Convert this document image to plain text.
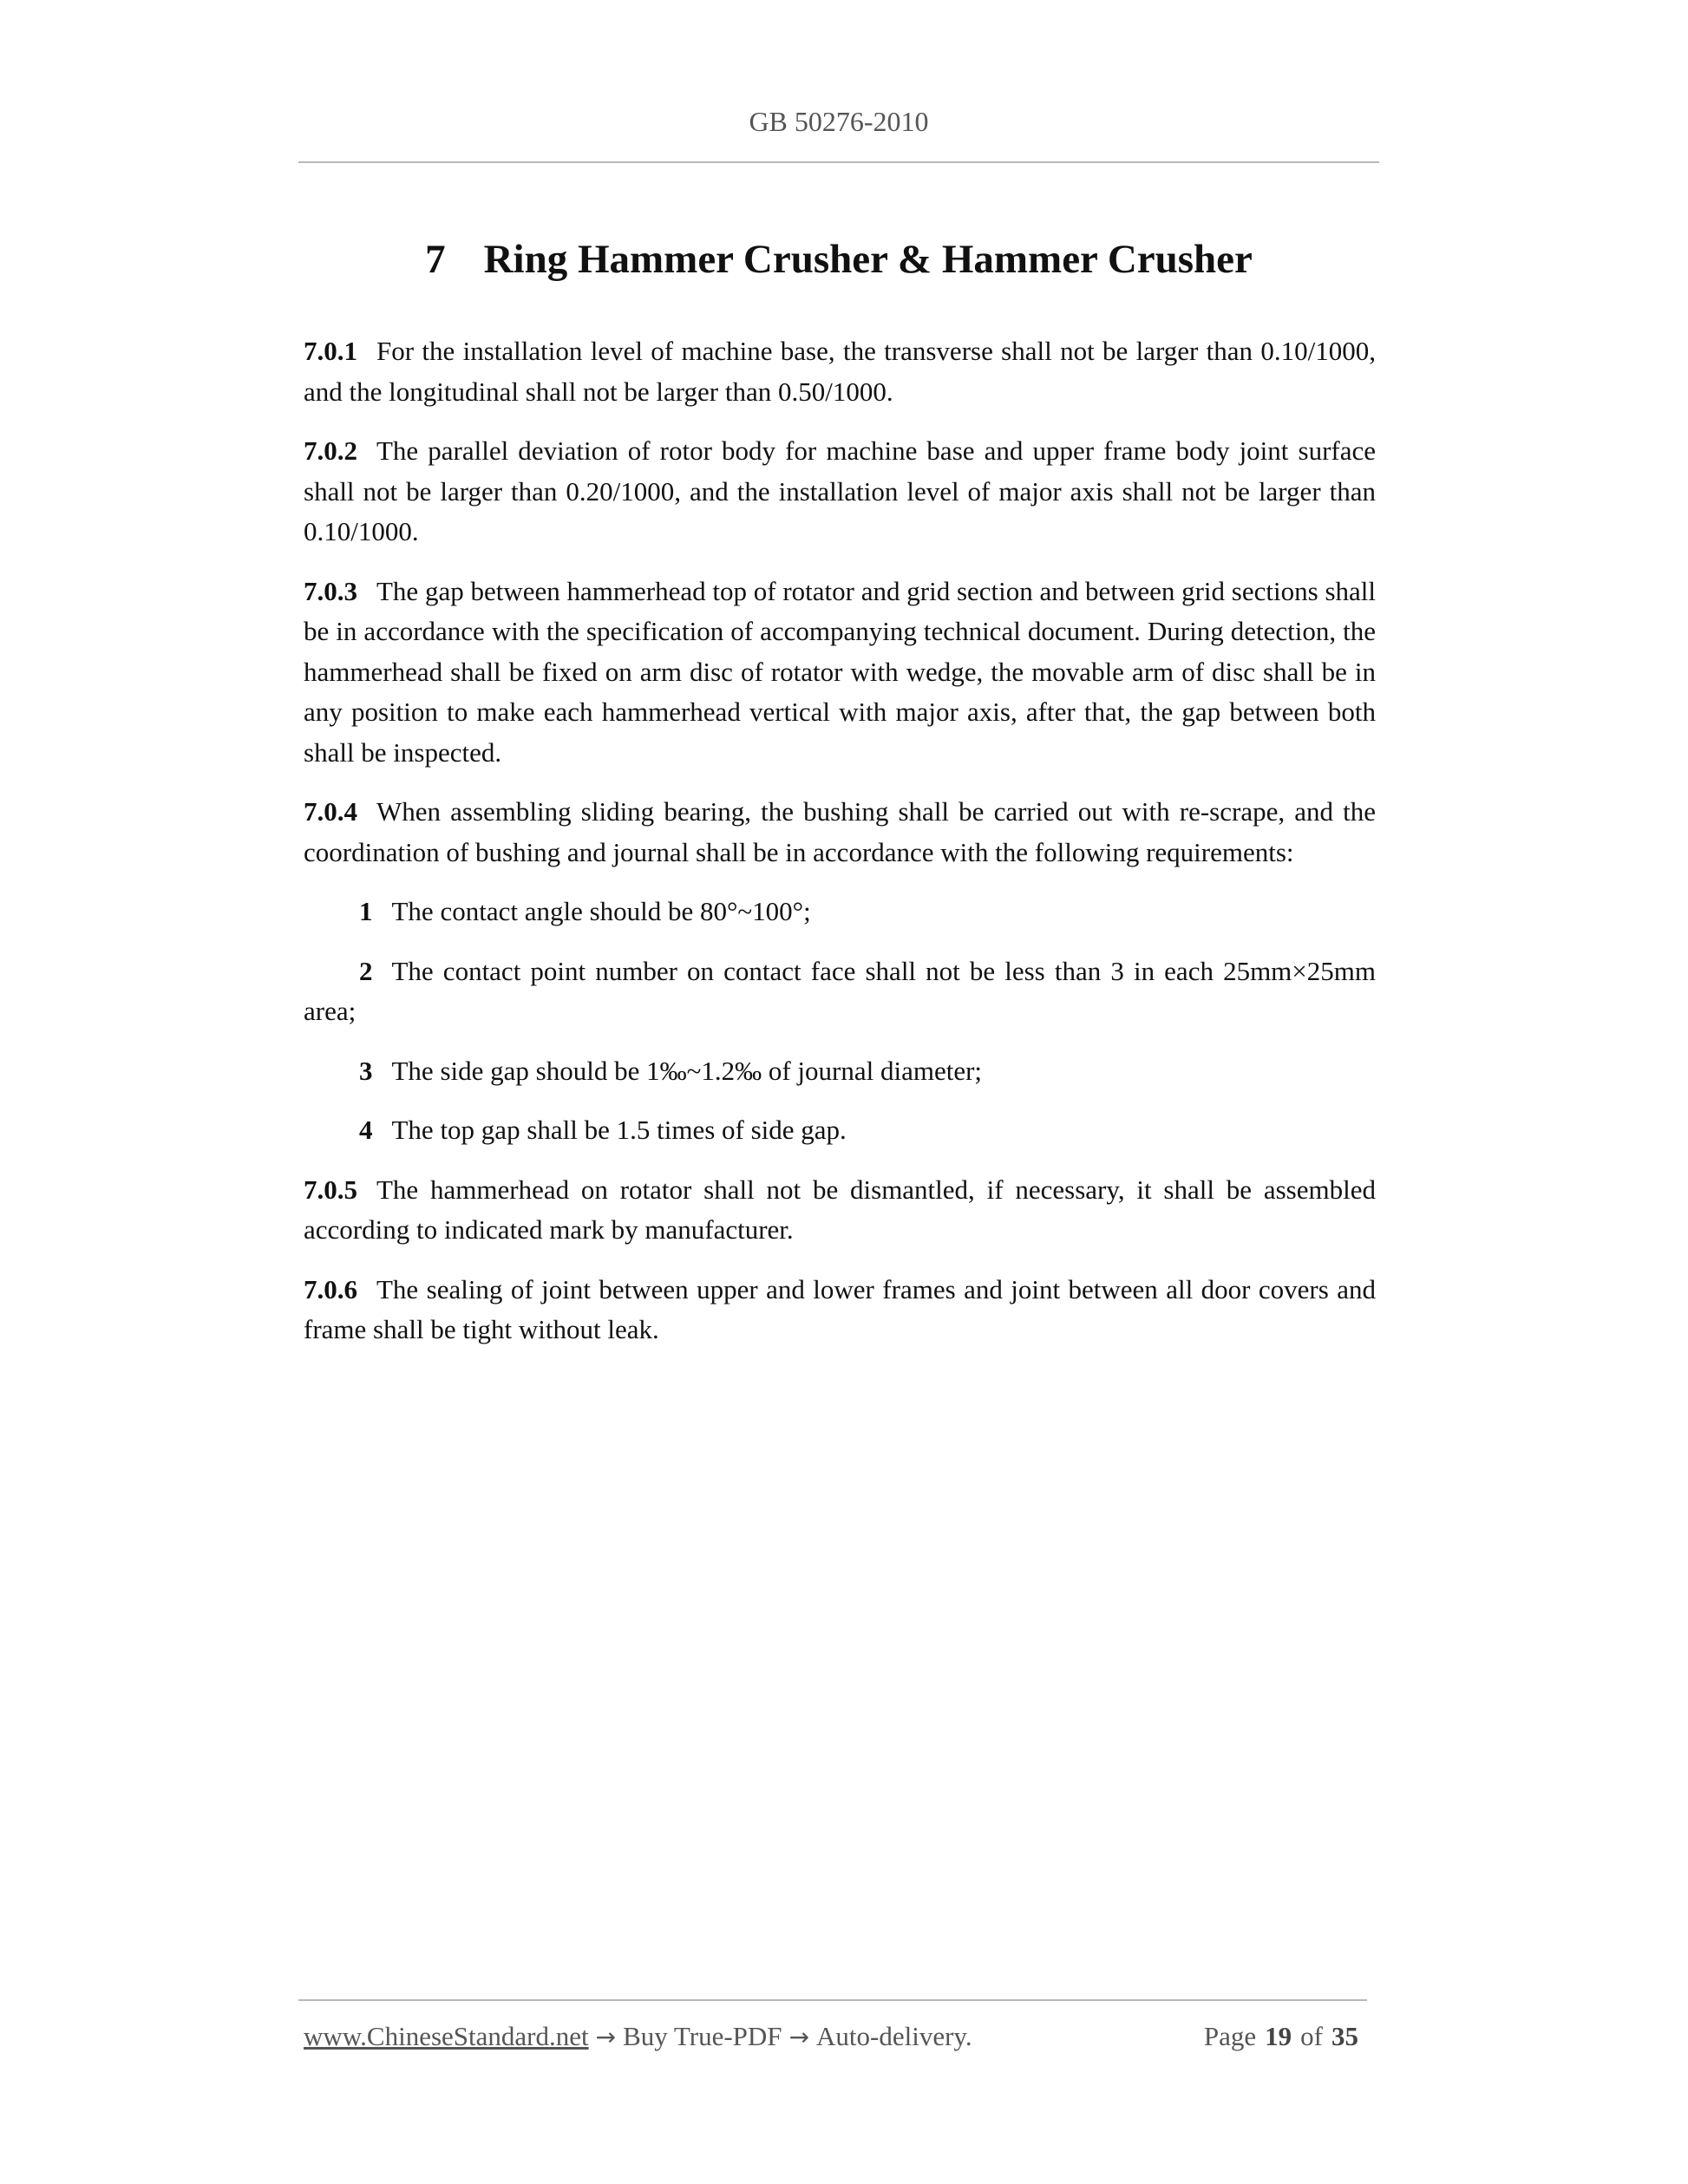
GB 50276-2010
7 Ring Hammer Crusher & Hammer Crusher

7.0.1 For the installation level of machine base, the transverse shall not be larger than 0.10/1000, and the longitudinal shall not be larger than 0.50/1000.

7.0.2 The parallel deviation of rotor body for machine base and upper frame body joint surface shall not be larger than 0.20/1000, and the installation level of major axis shall not be larger than 0.10/1000.

7.0.3 The gap between hammerhead top of rotator and grid section and between grid sections shall be in accordance with the specification of accompanying technical document. During detection, the hammerhead shall be fixed on arm disc of rotator with wedge, the movable arm of disc shall be in any position to make each hammerhead vertical with major axis, after that, the gap between both shall be inspected.

7.0.4 When assembling sliding bearing, the bushing shall be carried out with re-scrape, and the coordination of bushing and journal shall be in accordance with the following requirements:

1 The contact angle should be 80°~100°;

2 The contact point number on contact face shall not be less than 3 in each 25mm×25mm area;

3 The side gap should be 1‰~1.2‰ of journal diameter;

4 The top gap shall be 1.5 times of side gap.

7.0.5 The hammerhead on rotator shall not be dismantled, if necessary, it shall be assembled according to indicated mark by manufacturer.

7.0.6 The sealing of joint between upper and lower frames and joint between all door covers and frame shall be tight without leak.

www.ChineseStandard.net → Buy True-PDF → Auto-delivery.	Page 19 of 35
